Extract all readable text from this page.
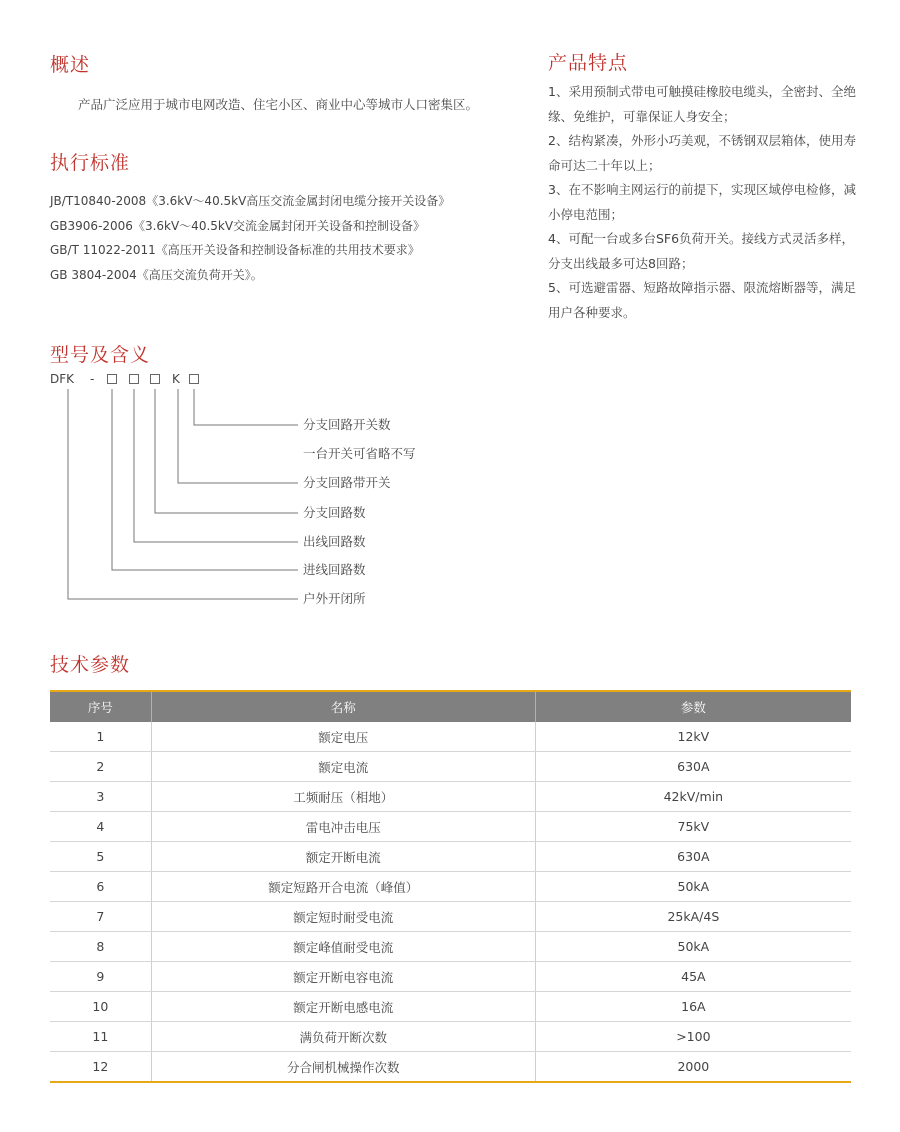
概述

产品广泛应用于城市电网改造、住宅小区、商业中心等城市人口密集区。

执行标准
JB/T10840-2008《3.6kV～40.5kV高压交流金属封闭电缆分接开关设备》
GB3906-2006《3.6kV～40.5kV交流金属封闭开关设备和控制设备》
GB/T 11022-2011《高压开关设备和控制设备标准的共用技术要求》
GB 3804-2004《高压交流负荷开关》。
产品特点
1、采用预制式带电可触摸硅橡胶电缆头，全密封、全绝缘、免维护，可靠保证人身安全；
2、结构紧凑，外形小巧美观，不锈钢双层箱体，使用寿命可达二十年以上；
3、在不影响主网运行的前提下，实现区域停电检修，减小停电范围；
4、可配一台或多台SF6负荷开关。接线方式灵活多样，分支出线最多可达8回路；
5、可选避雷器、短路故障指示器、限流熔断器等，满足用户各种要求。
型号及含义
DFK -	K
分支回路开关数
一台开关可省略不写
分支回路带开关
分支回路数
出线回路数
进线回路数
户外开闭所
技术参数
序号	名称	参数
1	额定电压	12kV
2	额定电流	630A
3	工频耐压（相地）	42kV/min
4	雷电冲击电压	75kV
5	额定开断电流	630A
6	额定短路开合电流（峰值）	50kA
7	额定短时耐受电流	25kA/4S
8	额定峰值耐受电流	50kA
9	额定开断电容电流	45A
10	额定开断电感电流	16A
11	满负荷开断次数	>100
12	分合闸机械操作次数	2000
